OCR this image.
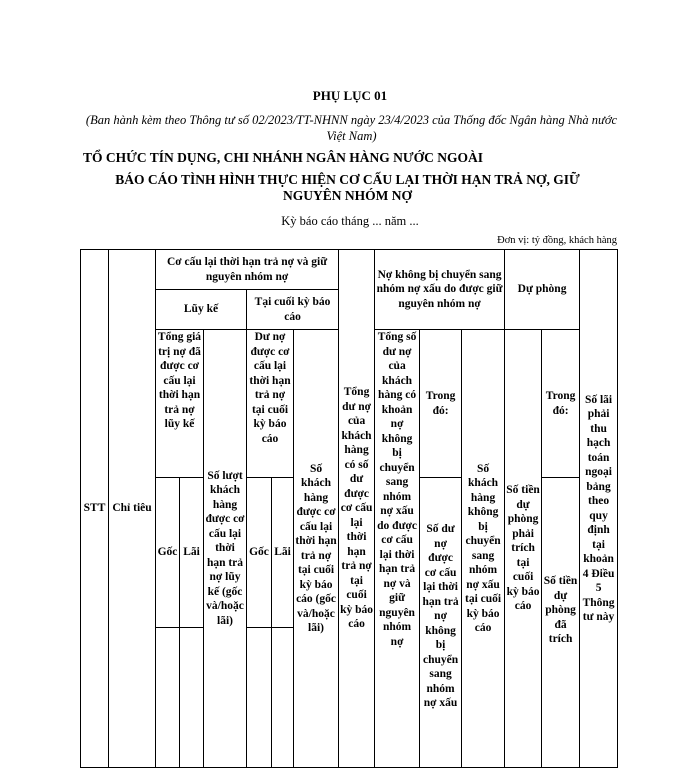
PHỤ LỤC 01
(Ban hành kèm theo Thông tư số 02/2023/TT-NHNN ngày 23/4/2023 của Thống đốc Ngân hàng Nhà nước Việt Nam)
TỔ CHỨC TÍN DỤNG, CHI NHÁNH NGÂN HÀNG NƯỚC NGOÀI
BÁO CÁO TÌNH HÌNH THỰC HIỆN CƠ CẤU LẠI THỜI HẠN TRẢ NỢ, GIỮ NGUYÊN NHÓM NỢ
Kỳ báo cáo tháng ... năm ...
Đơn vị: tỷ đồng, khách hàng
STT	Chỉ tiêu	Cơ cấu lại thời hạn trả nợ và giữ nguyên nhóm nợ						Tổng dư nợ của khách hàng có số dư được cơ cấu lại thời hạn trả nợ tại cuối kỳ báo cáo	Nợ không bị chuyển sang nhóm nợ xấu do được giữ nguyên nhóm nợ			Dự phòng		Số lãi phải thu hạch toán ngoại bảng theo quy định tại khoản 4 Điều 5 Thông tư này
		Lũy kế			Tại cuối kỳ báo cáo									
		Tổng giá trị nợ đã được cơ cấu lại thời hạn trả nợ lũy kế		Số lượt khách hàng được cơ cấu lại thời hạn trả nợ lũy kế (gốc và/hoặc lãi)	Dư nợ được cơ cấu lại thời hạn trả nợ tại cuối kỳ báo cáo		Số khách hàng được cơ cấu lại thời hạn trả nợ tại cuối kỳ báo cáo (gốc và/hoặc lãi)		Tổng số dư nợ của khách hàng có khoản nợ không bị chuyển sang nhóm nợ xấu do được cơ cấu lại thời hạn trả nợ và giữ nguyên nhóm nợ	Trong đó:	Số khách hàng không bị chuyển sang nhóm nợ xấu tại cuối kỳ báo cáo	Số tiền dự phòng phải trích tại cuối kỳ báo cáo	Trong đó:	
		Gốc	Lãi		Gốc	Lãi				Số dư nợ được cơ cấu lại thời hạn trả nợ không bị chuyển sang nhóm nợ xấu			Số tiền dự phòng đã trích	
